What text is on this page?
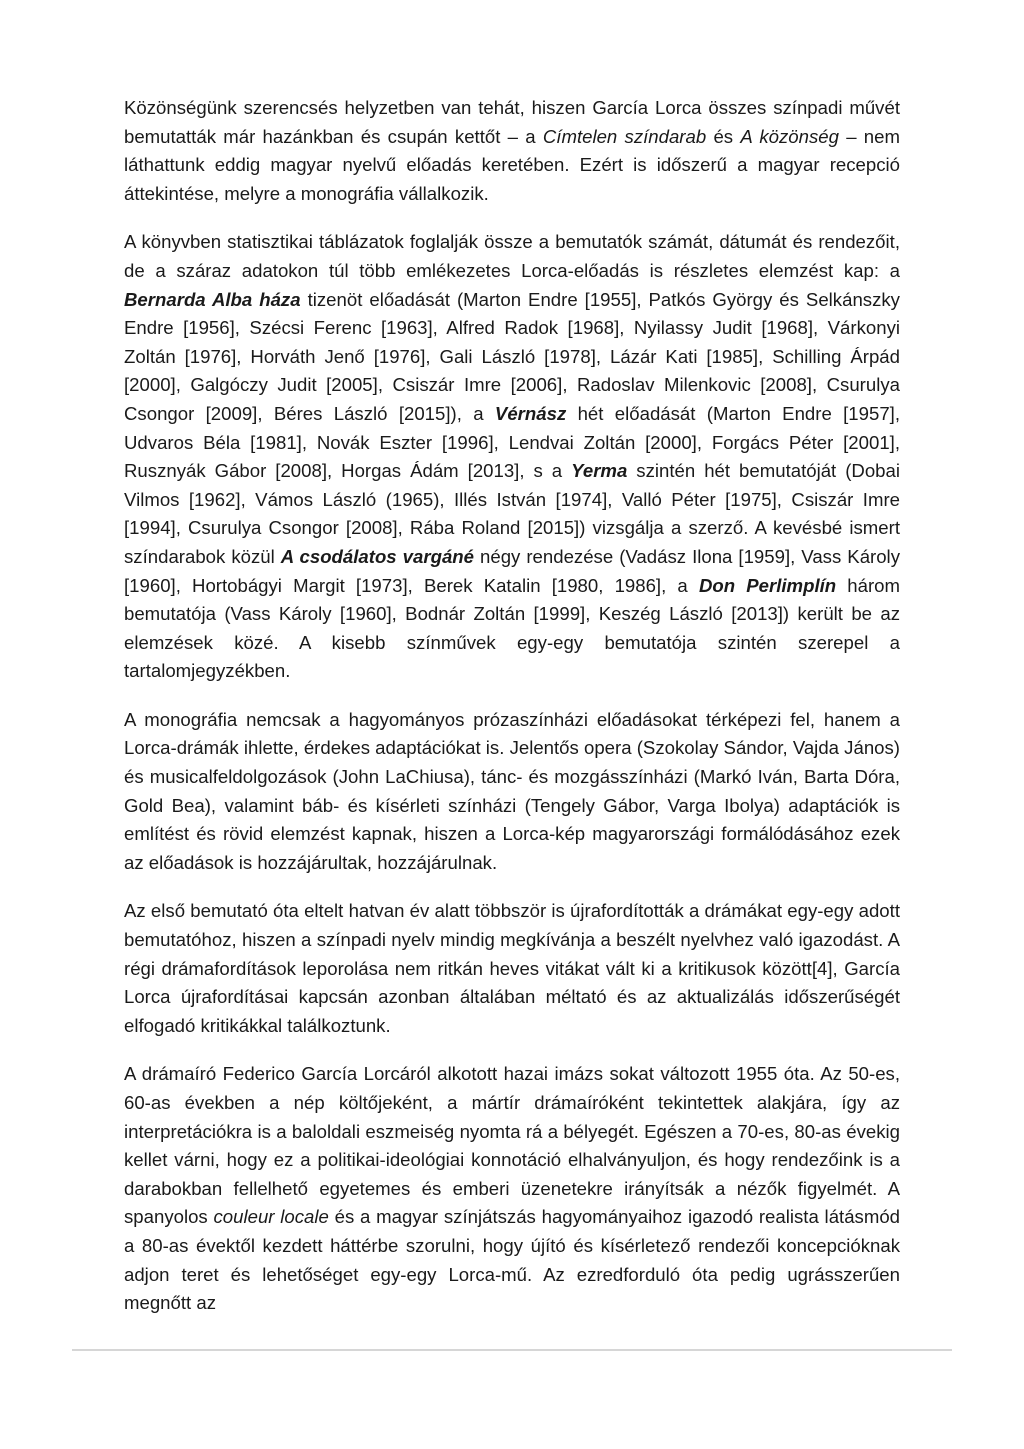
Közönségünk szerencsés helyzetben van tehát, hiszen García Lorca összes színpadi művét bemutatták már hazánkban és csupán kettőt – a Címtelen színdarab és A közönség – nem láthattunk eddig magyar nyelvű előadás keretében. Ezért is időszerű a magyar recepció áttekintése, melyre a monográfia vállalkozik.

A könyvben statisztikai táblázatok foglalják össze a bemutatók számát, dátumát és rendezőit, de a száraz adatokon túl több emlékezetes Lorca-előadás is részletes elemzést kap: a Bernarda Alba háza tizenöt előadását (Marton Endre [1955], Patkós György és Selkánszky Endre [1956], Szécsi Ferenc [1963], Alfred Radok [1968], Nyilassy Judit [1968], Várkonyi Zoltán [1976], Horváth Jenő [1976], Gali László [1978], Lázár Kati [1985], Schilling Árpád [2000], Galgóczy Judit [2005], Csiszár Imre [2006], Radoslav Milenkovic [2008], Csurulya Csongor [2009], Béres László [2015]), a Vérnász hét előadását (Marton Endre [1957], Udvaros Béla [1981], Novák Eszter [1996], Lendvai Zoltán [2000], Forgács Péter [2001], Rusznyák Gábor [2008], Horgas Ádám [2013], s a Yerma szintén hét bemutatóját (Dobai Vilmos [1962], Vámos László (1965), Illés István [1974], Valló Péter [1975], Csiszár Imre [1994], Csurulya Csongor [2008], Rába Roland [2015]) vizsgálja a szerző. A kevésbé ismert színdarabok közül A csodálatos vargáné négy rendezése (Vadász Ilona [1959], Vass Károly [1960], Hortobágyi Margit [1973], Berek Katalin [1980, 1986], a Don Perlimplín három bemutatója (Vass Károly [1960], Bodnár Zoltán [1999], Keszég László [2013]) került be az elemzések közé. A kisebb színművek egy-egy bemutatója szintén szerepel a tartalomjegyzékben.

A monográfia nemcsak a hagyományos prózaszínházi előadásokat térképezi fel, hanem a Lorca-drámák ihlette, érdekes adaptációkat is. Jelentős opera (Szokolay Sándor, Vajda János) és musicalfeldolgozások (John LaChiusa), tánc- és mozgásszínházi (Markó Iván, Barta Dóra, Gold Bea), valamint báb- és kísérleti színházi (Tengely Gábor, Varga Ibolya) adaptációk is említést és rövid elemzést kapnak, hiszen a Lorca-kép magyarországi formálódásához ezek az előadások is hozzájárultak, hozzájárulnak.

Az első bemutató óta eltelt hatvan év alatt többször is újrafordították a drámákat egy-egy adott bemutatóhoz, hiszen a színpadi nyelv mindig megkívánja a beszélt nyelvhez való igazodást. A régi drámafordítások leporolása nem ritkán heves vitákat vált ki a kritikusok között[4], García Lorca újrafordításai kapcsán azonban általában méltató és az aktualizálás időszerűségét elfogadó kritikákkal találkoztunk.

A drámaíró Federico García Lorcáról alkotott hazai imázs sokat változott 1955 óta. Az 50-es, 60-as években a nép költőjeként, a mártír drámaíróként tekintettek alakjára, így az interpretációkra is a baloldali eszmeiség nyomta rá a bélyegét. Egészen a 70-es, 80-as évekig kellet várni, hogy ez a politikai-ideológiai konnotáció elhalványuljon, és hogy rendezőink is a darabokban fellelhető egyetemes és emberi üzenetekre irányítsák a nézők figyelmét. A spanyolos couleur locale és a magyar színjátszás hagyományaihoz igazodó realista látásmód a 80-as évektől kezdett háttérbe szorulni, hogy újító és kísérletező rendezői koncepcióknak adjon teret és lehetőséget egy-egy Lorca-mű. Az ezredforduló óta pedig ugrásszerűen megnőtt az
